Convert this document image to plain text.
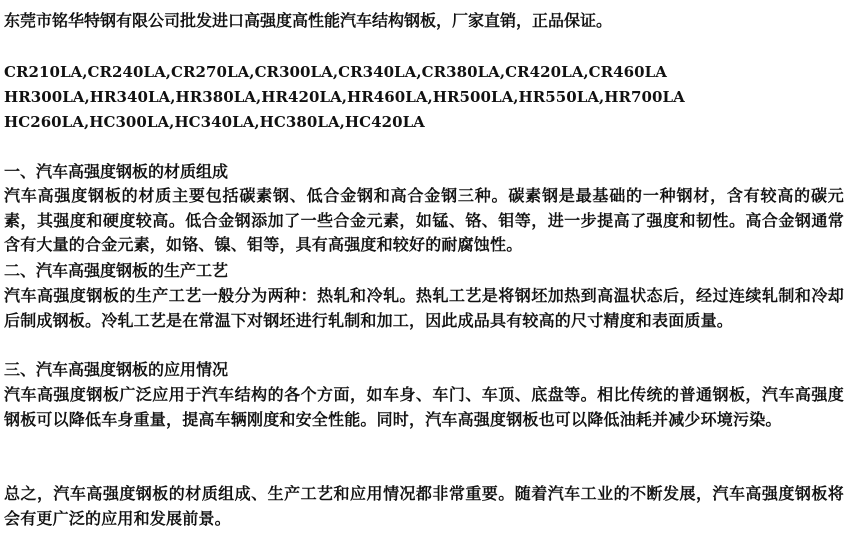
东莞市铭华特钢有限公司批发进口高强度高性能汽车结构钢板，厂家直销，正品保证。
CR210LA,CR240LA,CR270LA,CR300LA,CR340LA,CR380LA,CR420LA,CR460LA
HR300LA,HR340LA,HR380LA,HR420LA,HR460LA,HR500LA,HR550LA,HR700LA
HC260LA,HC300LA,HC340LA,HC380LA,HC420LA
一、汽车高强度钢板的材质组成
汽车高强度钢板的材质主要包括碳素钢、低合金钢和高合金钢三种。碳素钢是最基础的一种钢材，含有较高的碳元素，其强度和硬度较高。低合金钢添加了一些合金元素，如锰、铬、钼等，进一步提高了强度和韧性。高合金钢通常含有大量的合金元素，如铬、镍、钼等，具有高强度和较好的耐腐蚀性。
二、汽车高强度钢板的生产工艺
汽车高强度钢板的生产工艺一般分为两种：热轧和冷轧。热轧工艺是将钢坯加热到高温状态后，经过连续轧制和冷却后制成钢板。冷轧工艺是在常温下对钢坯进行轧制和加工，因此成品具有较高的尺寸精度和表面质量。
三、汽车高强度钢板的应用情况
汽车高强度钢板广泛应用于汽车结构的各个方面，如车身、车门、车顶、底盘等。相比传统的普通钢板，汽车高强度钢板可以降低车身重量，提高车辆刚度和安全性能。同时，汽车高强度钢板也可以降低油耗并减少环境污染。
总之，汽车高强度钢板的材质组成、生产工艺和应用情况都非常重要。随着汽车工业的不断发展，汽车高强度钢板将会有更广泛的应用和发展前景。
